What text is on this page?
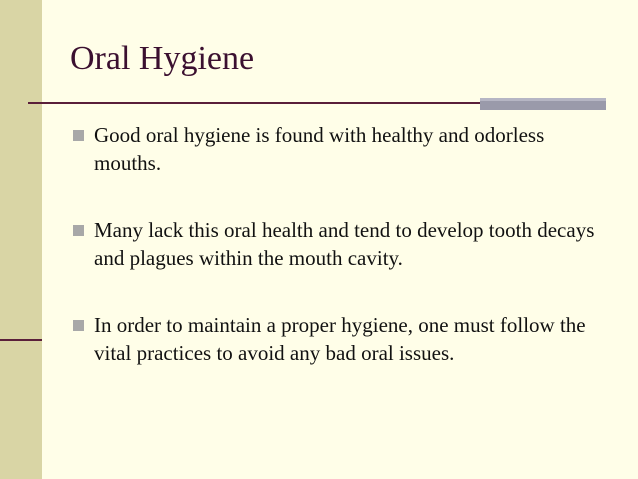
Oral Hygiene
Good oral hygiene is found with healthy and odorless mouths.
Many lack this oral health and tend to develop tooth decays and plagues within the mouth cavity.
In order to maintain a proper hygiene, one must follow the vital practices to avoid any bad oral issues.
